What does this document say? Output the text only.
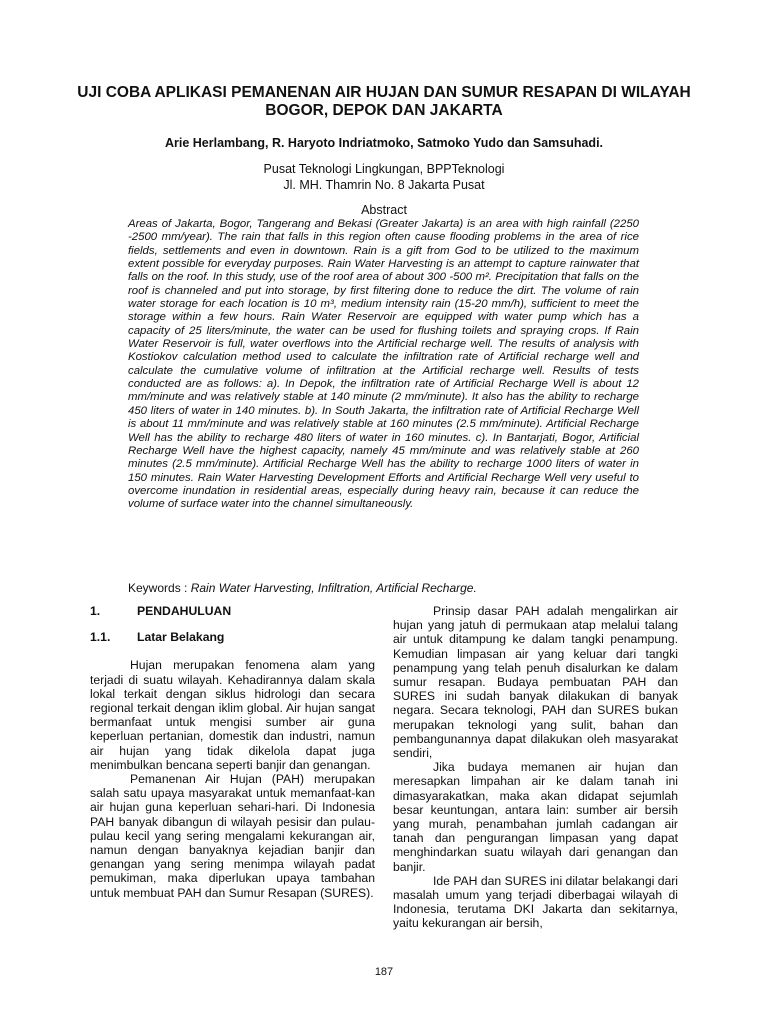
UJI COBA APLIKASI PEMANENAN AIR HUJAN DAN SUMUR RESAPAN DI WILAYAH BOGOR, DEPOK DAN JAKARTA
Arie Herlambang, R. Haryoto Indriatmoko, Satmoko Yudo dan Samsuhadi.
Pusat Teknologi Lingkungan, BPPTeknologi
Jl. MH. Thamrin No. 8 Jakarta Pusat
Abstract

Areas of Jakarta, Bogor, Tangerang and Bekasi (Greater Jakarta) is an area with high rainfall (2250 -2500 mm/year). The rain that falls in this region often cause flooding problems in the area of rice fields, settlements and even in downtown. Rain is a gift from God to be utilized to the maximum extent possible for everyday purposes. Rain Water Harvesting is an attempt to capture rainwater that falls on the roof. In this study, use of the roof area of about 300 -500 m². Precipitation that falls on the roof is channeled and put into storage, by first filtering done to reduce the dirt. The volume of rain water storage for each location is 10 m³, medium intensity rain (15-20 mm/h), sufficient to meet the storage within a few hours. Rain Water Reservoir are equipped with water pump which has a capacity of 25 liters/minute, the water can be used for flushing toilets and spraying crops. If Rain Water Reservoir is full, water overflows into the Artificial recharge well. The results of analysis with Kostiokov calculation method used to calculate the infiltration rate of Artificial recharge well and calculate the cumulative volume of infiltration at the Artificial recharge well. Results of tests conducted are as follows: a). In Depok, the infiltration rate of Artificial Recharge Well is about 12 mm/minute and was relatively stable at 140 minute (2 mm/minute). It also has the ability to recharge 450 liters of water in 140 minutes. b). In South Jakarta, the infiltration rate of Artificial Recharge Well is about 11 mm/minute and was relatively stable at 160 minutes (2.5 mm/minute). Artificial Recharge Well has the ability to recharge 480 liters of water in 160 minutes. c). In Bantarjati, Bogor, Artificial Recharge Well have the highest capacity, namely 45 mm/minute and was relatively stable at 260 minutes (2.5 mm/minute). Artificial Recharge Well has the ability to recharge 1000 liters of water in 150 minutes. Rain Water Harvesting Development Efforts and Artificial Recharge Well very useful to overcome inundation in residential areas, especially during heavy rain, because it can reduce the volume of surface water into the channel simultaneously.

Keywords : Rain Water Harvesting, Infiltration, Artificial Recharge.
1.	PENDAHULUAN
1.1.	Latar Belakang

Hujan merupakan fenomena alam yang terjadi di suatu wilayah. Kehadirannya dalam skala lokal terkait dengan siklus hidrologi dan secara regional terkait dengan iklim global. Air hujan sangat bermanfaat untuk mengisi sumber air guna keperluan pertanian, domestik dan industri, namun air hujan yang tidak dikelola dapat juga menimbulkan bencana seperti banjir dan genangan.

Pemanenan Air Hujan (PAH) merupakan salah satu upaya masyarakat untuk memanfaat-kan air hujan guna keperluan sehari-hari. Di Indonesia PAH banyak dibangun di wilayah pesisir dan pulau-pulau kecil yang sering mengalami kekurangan air, namun dengan banyaknya kejadian banjir dan genangan yang sering menimpa wilayah padat pemukiman, maka diperlukan upaya tambahan untuk membuat PAH dan Sumur Resapan (SURES).

Prinsip dasar PAH adalah mengalirkan air hujan yang jatuh di permukaan atap melalui talang air untuk ditampung ke dalam tangki penampung. Kemudian limpasan air yang keluar dari tangki penampung yang telah penuh disalurkan ke dalam sumur resapan. Budaya pembuatan PAH dan SURES ini sudah banyak dilakukan di banyak negara. Secara teknologi, PAH dan SURES bukan merupakan teknologi yang sulit, bahan dan pembangunannya dapat dilakukan oleh masyarakat sendiri,

Jika budaya memanen air hujan dan meresapkan limpahan air ke dalam tanah ini dimasyarakatkan, maka akan didapat sejumlah besar keuntungan, antara lain: sumber air bersih yang murah, penambahan jumlah cadangan air tanah dan pengurangan limpasan yang dapat menghindarkan suatu wilayah dari genangan dan banjir.

Ide PAH dan SURES ini dilatar belakangi dari masalah umum yang terjadi diberbagai wilayah di Indonesia, terutama DKI Jakarta dan sekitarnya, yaitu kekurangan air bersih,

187
